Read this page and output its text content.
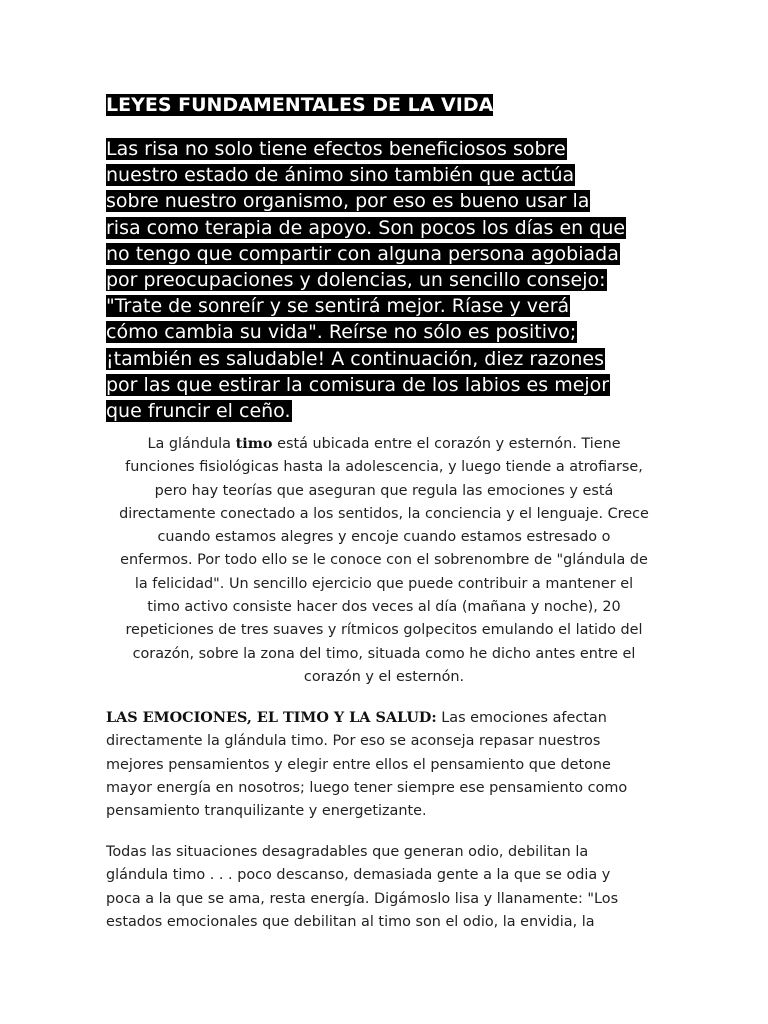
LEYES FUNDAMENTALES DE LA VIDA

Las risa no solo tiene efectos beneficiosos sobre
nuestro estado de ánimo sino también que actúa
sobre nuestro organismo, por eso es bueno usar la
risa como terapia de apoyo. Son pocos los días en que
no tengo que compartir con alguna persona agobiada
por preocupaciones y dolencias, un sencillo consejo:
"Trate de sonreír y se sentirá mejor. Ríase y verá
cómo cambia su vida". Reírse no sólo es positivo;
¡también es saludable! A continuación, diez razones
por las que estirar la comisura de los labios es mejor
que fruncir el ceño.

La glándula timo está ubicada entre el corazón y esternón. Tiene
funciones fisiológicas hasta la adolescencia, y luego tiende a atrofiarse,
pero hay teorías que aseguran que regula las emociones y está
directamente conectado a los sentidos, la conciencia y el lenguaje. Crece
cuando estamos alegres y encoje cuando estamos estresado o
enfermos. Por todo ello se le conoce con el sobrenombre de "glándula de
la felicidad". Un sencillo ejercicio que puede contribuir a mantener el
timo activo consiste hacer dos veces al día (mañana y noche), 20
repeticiones de tres suaves y rítmicos golpecitos emulando el latido del
corazón, sobre la zona del timo, situada como he dicho antes entre el
corazón y el esternón.

LAS EMOCIONES, EL TIMO Y LA SALUD: Las emociones afectan
directamente la glándula timo. Por eso se aconseja repasar nuestros
mejores pensamientos y elegir entre ellos el pensamiento que detone
mayor energía en nosotros; luego tener siempre ese pensamiento como
pensamiento tranquilizante y energetizante.

Todas las situaciones desagradables que generan odio, debilitan la
glándula timo . . . poco descanso, demasiada gente a la que se odia y
poca a la que se ama, resta energía. Digámoslo lisa y llanamente: "Los
estados emocionales que debilitan al timo son el odio, la envidia, la
